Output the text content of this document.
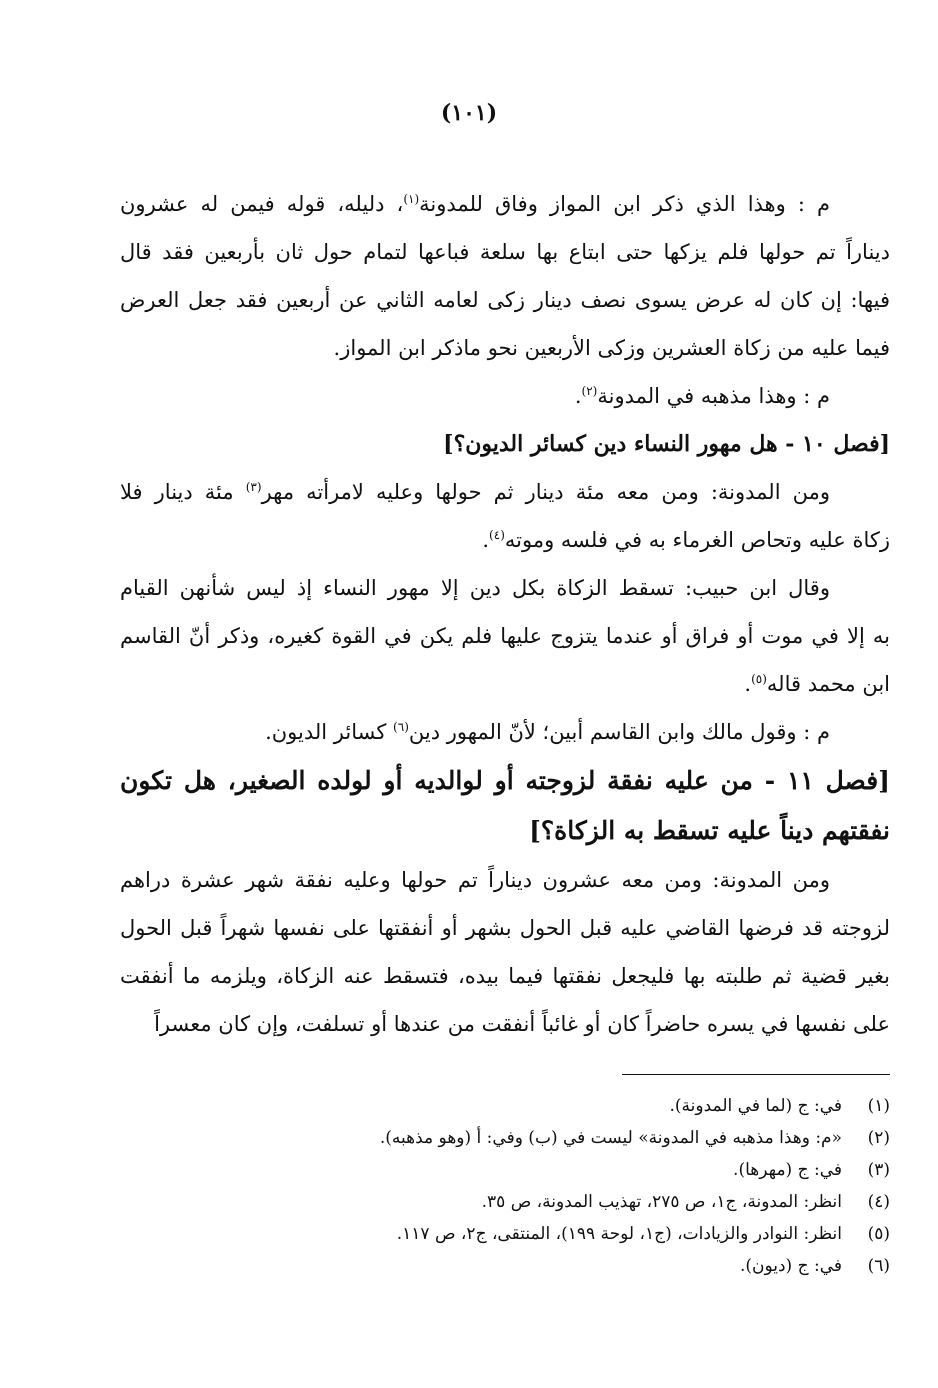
(١٠١)

م : وهذا الذي ذكر ابن المواز وفاق للمدونة$^{(١)}$، دليله، قوله فيمن له عشرون
ديناراً تم حولها فلم يزكها حتى ابتاع بها سلعة فباعها لتمام حول ثان بأربعين فقد قال
فيها: إن كان له عرض يسوى نصف دينار زكى لعامه الثاني عن أربعين فقد جعل العرض
فيما عليه من زكاة العشرين وزكى الأربعين نحو ماذكر ابن المواز.

م : وهذا مذهبه في المدونة$^{(٢)}$.

[فصل ١٠ - هل مهور النساء دين كسائر الديون؟]

ومن المدونة: ومن معه مئة دينار ثم حولها وعليه لامرأته مهر$^{(٣)}$ مئة دينار فلا
زكاة عليه وتحاص الغرماء به في فلسه وموته$^{(٤)}$.

وقال ابن حبيب: تسقط الزكاة بكل دين إلا مهور النساء إذ ليس شأنهن القيام
به إلا في موت أو فراق أو عندما يتزوج عليها فلم يكن في القوة كغيره، وذكر أنّ القاسم
ابن محمد قاله$^{(٥)}$.

م : وقول مالك وابن القاسم أبين؛ لأنّ المهور دين$^{(٦)}$ كسائر الديون.

[فصل ١١ - من عليه نفقة لزوجته أو لوالديه أو لولده الصغير، هل تكون
نفقتهم ديناً عليه تسقط به الزكاة؟]

ومن المدونة: ومن معه عشرون ديناراً تم حولها وعليه نفقة شهر عشرة دراهم
لزوجته قد فرضها القاضي عليه قبل الحول بشهر أو أنفقتها على نفسها شهراً قبل الحول
بغير قضية ثم طلبته بها فليجعل نفقتها فيما بيده، فتسقط عنه الزكاة، ويلزمه ما أنفقت
على نفسها في يسره حاضراً كان أو غائباً أنفقت من عندها أو تسلفت، وإن كان معسراً

(١)
في: ج (لما في المدونة).
(٢)
«م: وهذا مذهبه في المدونة» ليست في (ب) وفي: أ (وهو مذهبه).
(٣)
في: ج (مهرها).
(٤)
انظر: المدونة، ج١، ص ٢٧٥، تهذيب المدونة، ص ٣٥.
(٥)
انظر: النوادر والزيادات، (ج١، لوحة ١٩٩)، المنتقى، ج٢، ص ١١٧.
(٦)
في: ج (ديون).
